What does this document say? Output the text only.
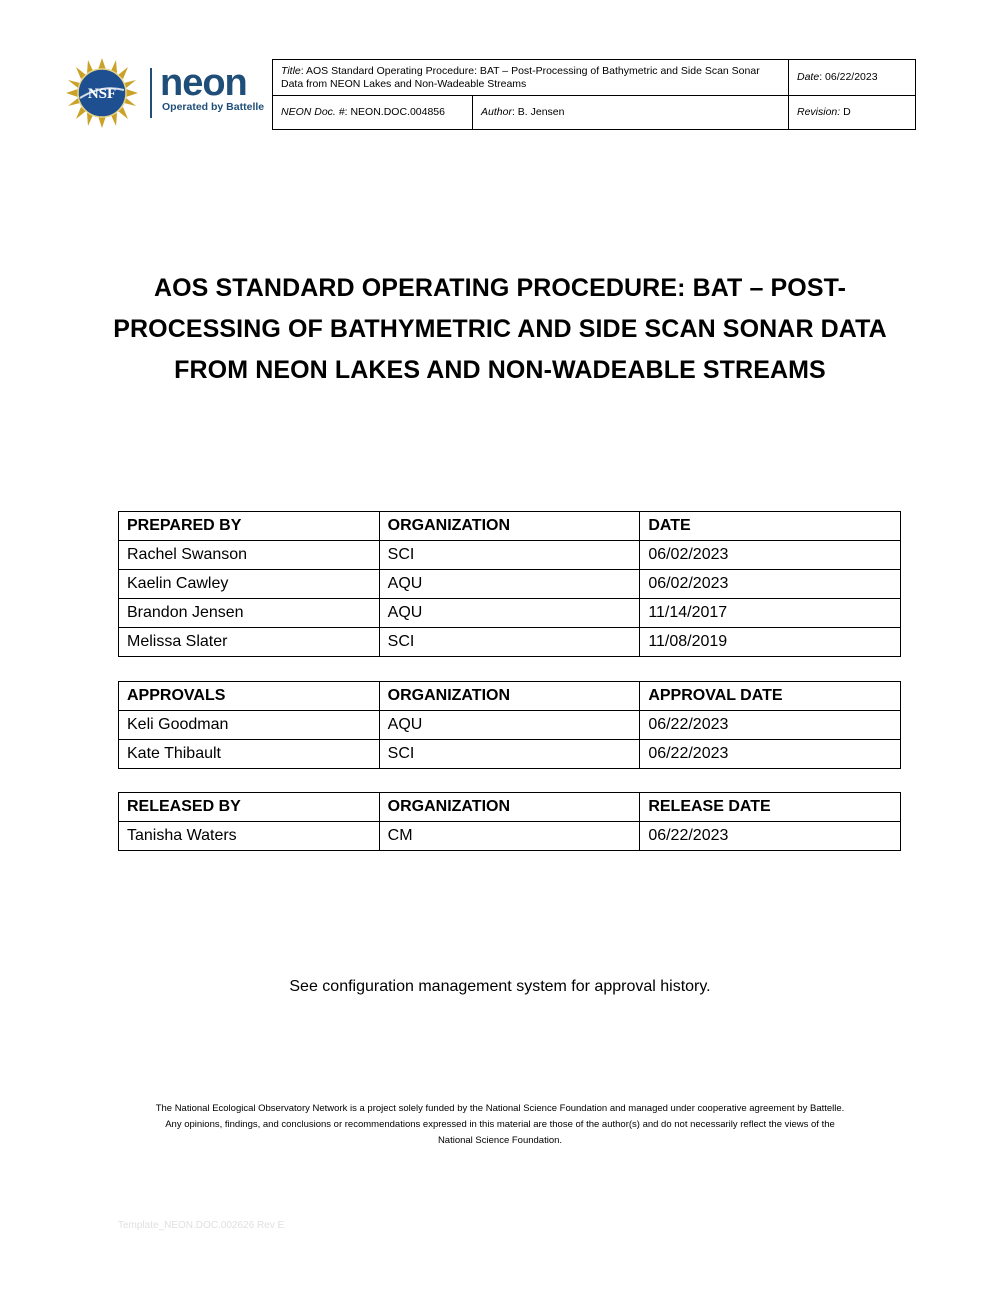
NSF neon
Operated by Battelle
Title: AOS Standard Operating Procedure: BAT – Post-Processing of Bathymetric and Side Scan Sonar Data from NEON Lakes and Non-Wadeable Streams		Date: 06/22/2023
NEON Doc. #: NEON.DOC.004856	Author: B. Jensen	Revision: D
AOS STANDARD OPERATING PROCEDURE: BAT – POST-
PROCESSING OF BATHYMETRIC AND SIDE SCAN SONAR DATA
FROM NEON LAKES AND NON-WADEABLE STREAMS
PREPARED BY	ORGANIZATION	DATE
Rachel Swanson	SCI	06/02/2023
Kaelin Cawley	AQU	06/02/2023
Brandon Jensen	AQU	11/14/2017
Melissa Slater	SCI	11/08/2019
APPROVALS	ORGANIZATION	APPROVAL DATE
Keli Goodman	AQU	06/22/2023
Kate Thibault	SCI	06/22/2023
RELEASED BY	ORGANIZATION	RELEASE DATE
Tanisha Waters	CM	06/22/2023
See configuration management system for approval history.
The National Ecological Observatory Network is a project solely funded by the National Science Foundation and managed under cooperative agreement by Battelle.
Any opinions, findings, and conclusions or recommendations expressed in this material are those of the author(s) and do not necessarily reflect the views of the
National Science Foundation.
Template_NEON.DOC.002626 Rev E
